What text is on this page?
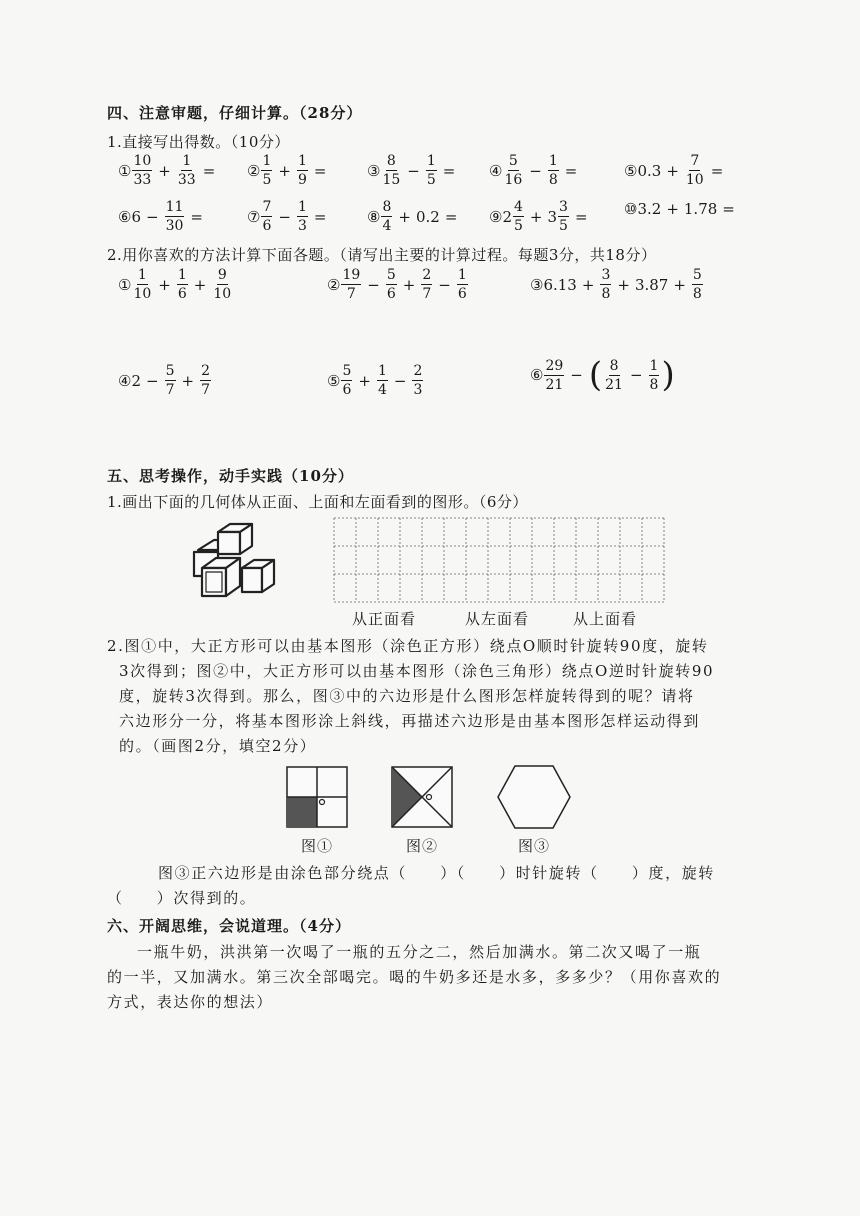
四、注意审题，仔细计算。（28分）
1.直接写出得数。（10分）
① $\frac{10}{33} + \frac{1}{33}$ = ② $\frac{1}{5} + \frac{1}{9}$ =	③ $\frac{8}{15} - \frac{1}{5}$ = ④ $\frac{5}{16} - \frac{1}{8}$ =	⑤ $0.3 + \frac{7}{10}$ =
⑥ $6 - \frac{11}{30}$ =	⑦ $\frac{7}{6} - \frac{1}{3}$ =	⑧ $\frac{8}{4} + 0.2$ = ⑨ $2 \frac{4}{5} + 3 \frac{3}{5}$ = ⑩ 3.2 + 1.78 =
2.用你喜欢的方法计算下面各题。（请写出主要的计算过程。每题3分，共18分）
① $\frac{1}{10} + \frac{1}{6} + \frac{9}{10}$	② $\frac{19}{7} - \frac{5}{6} + \frac{2}{7} - \frac{1}{6}$	③ $6.13 + \frac{3}{8} + 3.87 + \frac{5}{8}$
④ $2 - \frac{5}{7} + \frac{2}{7}$	⑤ $\frac{5}{6} + \frac{1}{4} - \frac{2}{3}$	⑥ $\frac{29}{21}$ − ( $\frac{8}{21} - \frac{1}{8}$ )
五、思考操作，动手实践（10分）
1.画出下面的几何体从正面、上面和左面看到的图形。（6分）
从正面看	从左面看	从上面看
2.图①中，大正方形可以由基本图形（涂色正方形）绕点O顺时针旋转90度，旋转
3次得到；图②中，大正方形可以由基本图形（涂色三角形）绕点O逆时针旋转90
度，旋转3次得到。那么，图③中的六边形是什么图形怎样旋转得到的呢？请将
六边形分一分，将基本图形涂上斜线，再描述六边形是由基本图形怎样运动得到
的。（画图2分，填空2分）
图①	图②	图③
图③正六边形是由涂色部分绕点（　　）（　　）时针旋转（　　）度，旋转
（　　）次得到的。
六、开阔思维，会说道理。（4分）
一瓶牛奶，洪洪第一次喝了一瓶的五分之二，然后加满水。第二次又喝了一瓶
的一半，又加满水。第三次全部喝完。喝的牛奶多还是水多，多多少？（用你喜欢的
方式，表达你的想法）
